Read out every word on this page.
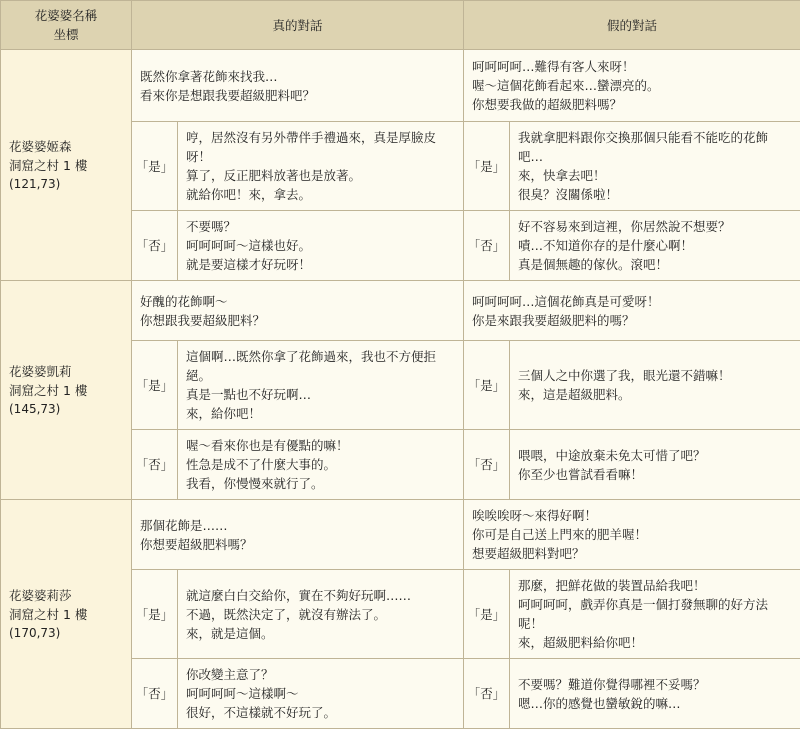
花婆婆名稱
坐標	真的對話		假的對話	

花婆婆姬森
洞窟之村 1 樓
(121,73)	既然你拿著花飾來找我…
看來你是想跟我要超級肥料吧？		呵呵呵呵…難得有客人來呀！
喔～這個花飾看起來…蠻漂亮的。
你想要我做的超級肥料嗎？	

	「是」	哼，居然沒有另外帶伴手禮過來，真是厚臉皮
呀！
算了，反正肥料放著也是放著。
就給你吧！來，拿去。	「是」	我就拿肥料跟你交換那個只能看不能吃的花飾
吧…
來，快拿去吧！
很臭？沒關係啦！

	「否」	不要嗎？
呵呵呵呵～這樣也好。
就是要這樣才好玩呀！	「否」	好不容易來到這裡，你居然說不想要？
嘖…不知道你存的是什麼心啊！
真是個無趣的傢伙。滾吧！

花婆婆凱莉
洞窟之村 1 樓
(145,73)	好醜的花飾啊～
你想跟我要超級肥料？		呵呵呵呵…這個花飾真是可愛呀！
你是來跟我要超級肥料的嗎？	

	「是」	這個啊…既然你拿了花飾過來，我也不方便拒
絕。
真是一點也不好玩啊…
來，給你吧！	「是」	三個人之中你選了我，眼光還不錯嘛！
來，這是超級肥料。

	「否」	喔～看來你也是有優點的嘛！
性急是成不了什麼大事的。
我看，你慢慢來就行了。	「否」	喂喂，中途放棄未免太可惜了吧？
你至少也嘗試看看嘛！

花婆婆莉莎
洞窟之村 1 樓
(170,73)	那個花飾是……
你想要超級肥料嗎？		唉唉唉呀～來得好啊！
你可是自己送上門來的肥羊喔！
想要超級肥料對吧？	

	「是」	就這麼白白交給你，實在不夠好玩啊……
不過，既然決定了，就沒有辦法了。
來，就是這個。	「是」	那麼，把鮮花做的裝置品給我吧！
呵呵呵呵，戲弄你真是一個打發無聊的好方法
呢！
來，超級肥料給你吧！

	「否」	你改變主意了？
呵呵呵呵～這樣啊～
很好，不這樣就不好玩了。	「否」	不要嗎？難道你覺得哪裡不妥嗎？
嗯…你的感覺也蠻敏銳的嘛…
